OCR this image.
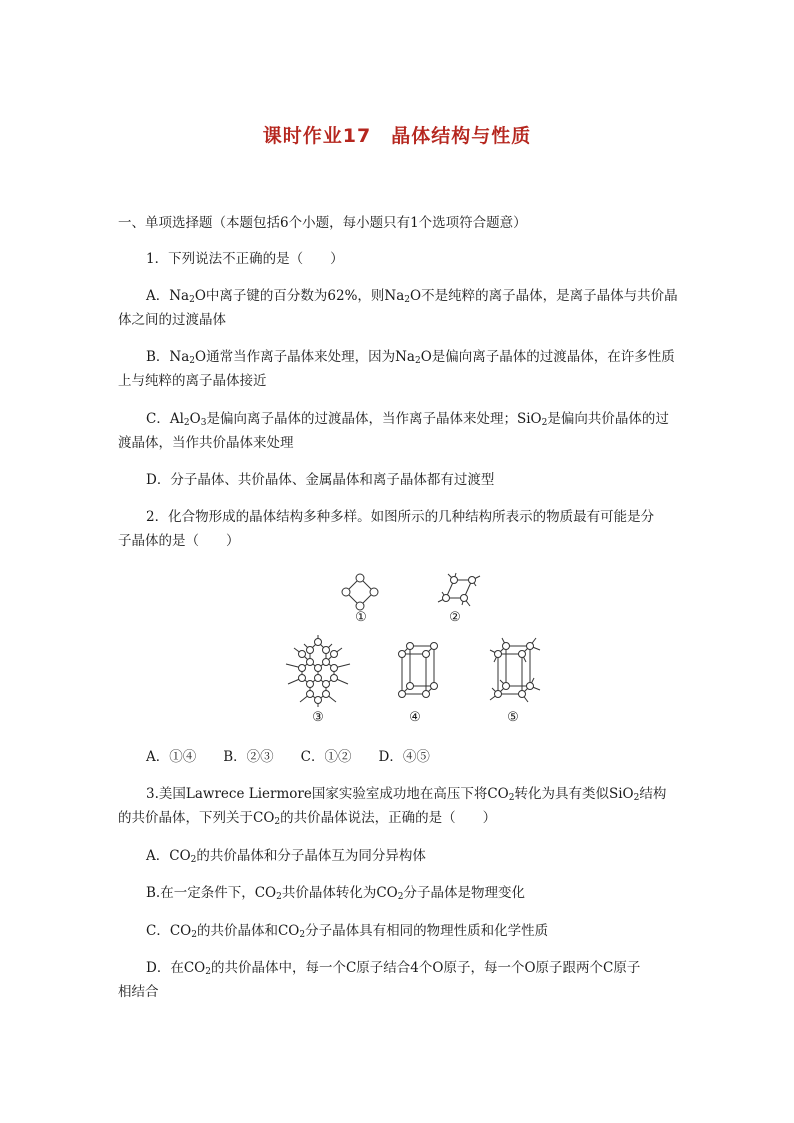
课时作业17　晶体结构与性质
一、单项选择题（本题包括6个小题，每小题只有1个选项符合题意）
1．下列说法不正确的是（　　）
A．$Na_2O$中离子键的百分数为62%，则$Na_2O$不是纯粹的离子晶体，是离子晶体与共价晶
体之间的过渡晶体
B．$Na_2O$通常当作离子晶体来处理，因为$Na_2O$是偏向离子晶体的过渡晶体，在许多性质
上与纯粹的离子晶体接近
C．$Al_2O_3$是偏向离子晶体的过渡晶体，当作离子晶体来处理；SiO$_2$是偏向共价晶体的过
渡晶体，当作共价晶体来处理
D．分子晶体、共价晶体、金属晶体和离子晶体都有过渡型
2．化合物形成的晶体结构多种多样。如图所示的几种结构所表示的物质最有可能是分
子晶体的是（　　）
①	②
③	④	⑤
A．①④　　B．②③　　C．①②　　D．④⑤
3.美国Lawrece Liermore国家实验室成功地在高压下将$CO_2$转化为具有类似SiO$_2$结构
的共价晶体，下列关于$CO_2$的共价晶体说法，正确的是（　　）
A．$CO_2$的共价晶体和分子晶体互为同分异构体
B.在一定条件下，$CO_2$共价晶体转化为$CO_2$分子晶体是物理变化
C．$CO_2$的共价晶体和$CO_2$分子晶体具有相同的物理性质和化学性质
D．在$CO_2$的共价晶体中，每一个C原子结合4个O原子，每一个O原子跟两个C原子
相结合
